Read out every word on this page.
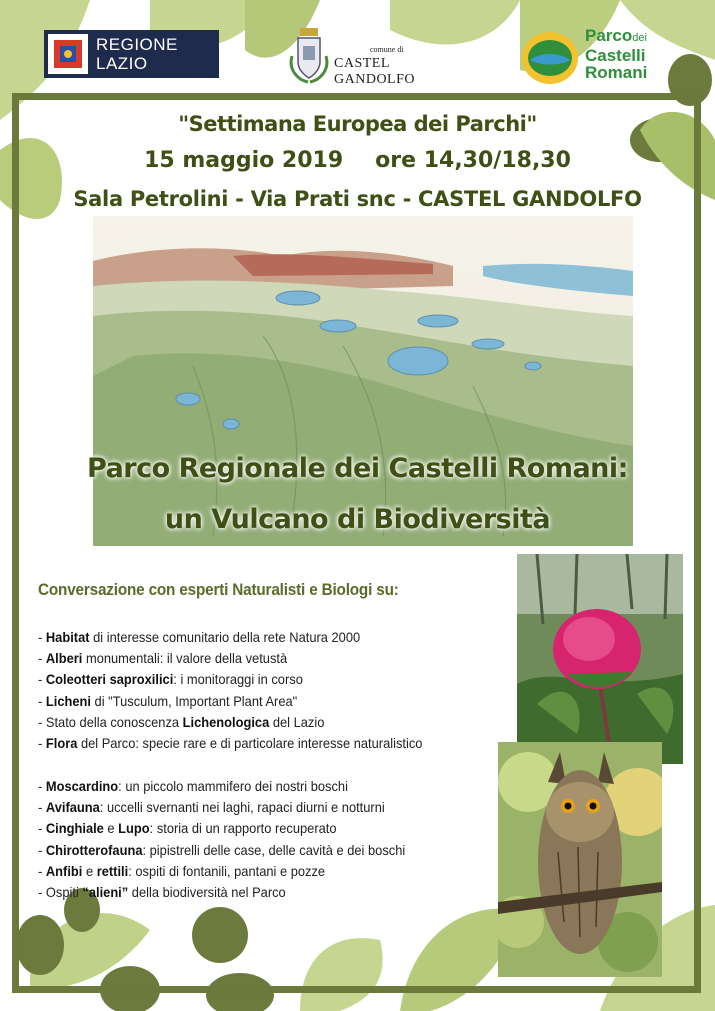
REGIONE
LAZIO
comune di
CASTEL GANDOLFO
Parcodei
Castelli
Romani
"Settimana Europea dei Parchi"
15 maggio 2019 ore 14,30/18,30
Sala Petrolini - Via Prati snc - CASTEL GANDOLFO
Parco Regionale dei Castelli Romani:
un Vulcano di Biodiversità
Conversazione con esperti Naturalisti e Biologi su:
- Habitat di interesse comunitario della rete Natura 2000
- Alberi monumentali: il valore della vetustà
- Coleotteri saproxilici: i monitoraggi in corso
- Licheni di "Tusculum, Important Plant Area"
- Stato della conoscenza Lichenologica del Lazio
- Flora del Parco: specie rare e di particolare interesse naturalistico
- Moscardino: un piccolo mammifero dei nostri boschi
- Avifauna: uccelli svernanti nei laghi, rapaci diurni e notturni
- Cinghiale e Lupo: storia di un rapporto recuperato
- Chirotterofauna: pipistrelli delle case, delle cavità e dei boschi
- Anfibi e rettili: ospiti di fontanili, pantani e pozze
- Ospiti “alieni” della biodiversità nel Parco
